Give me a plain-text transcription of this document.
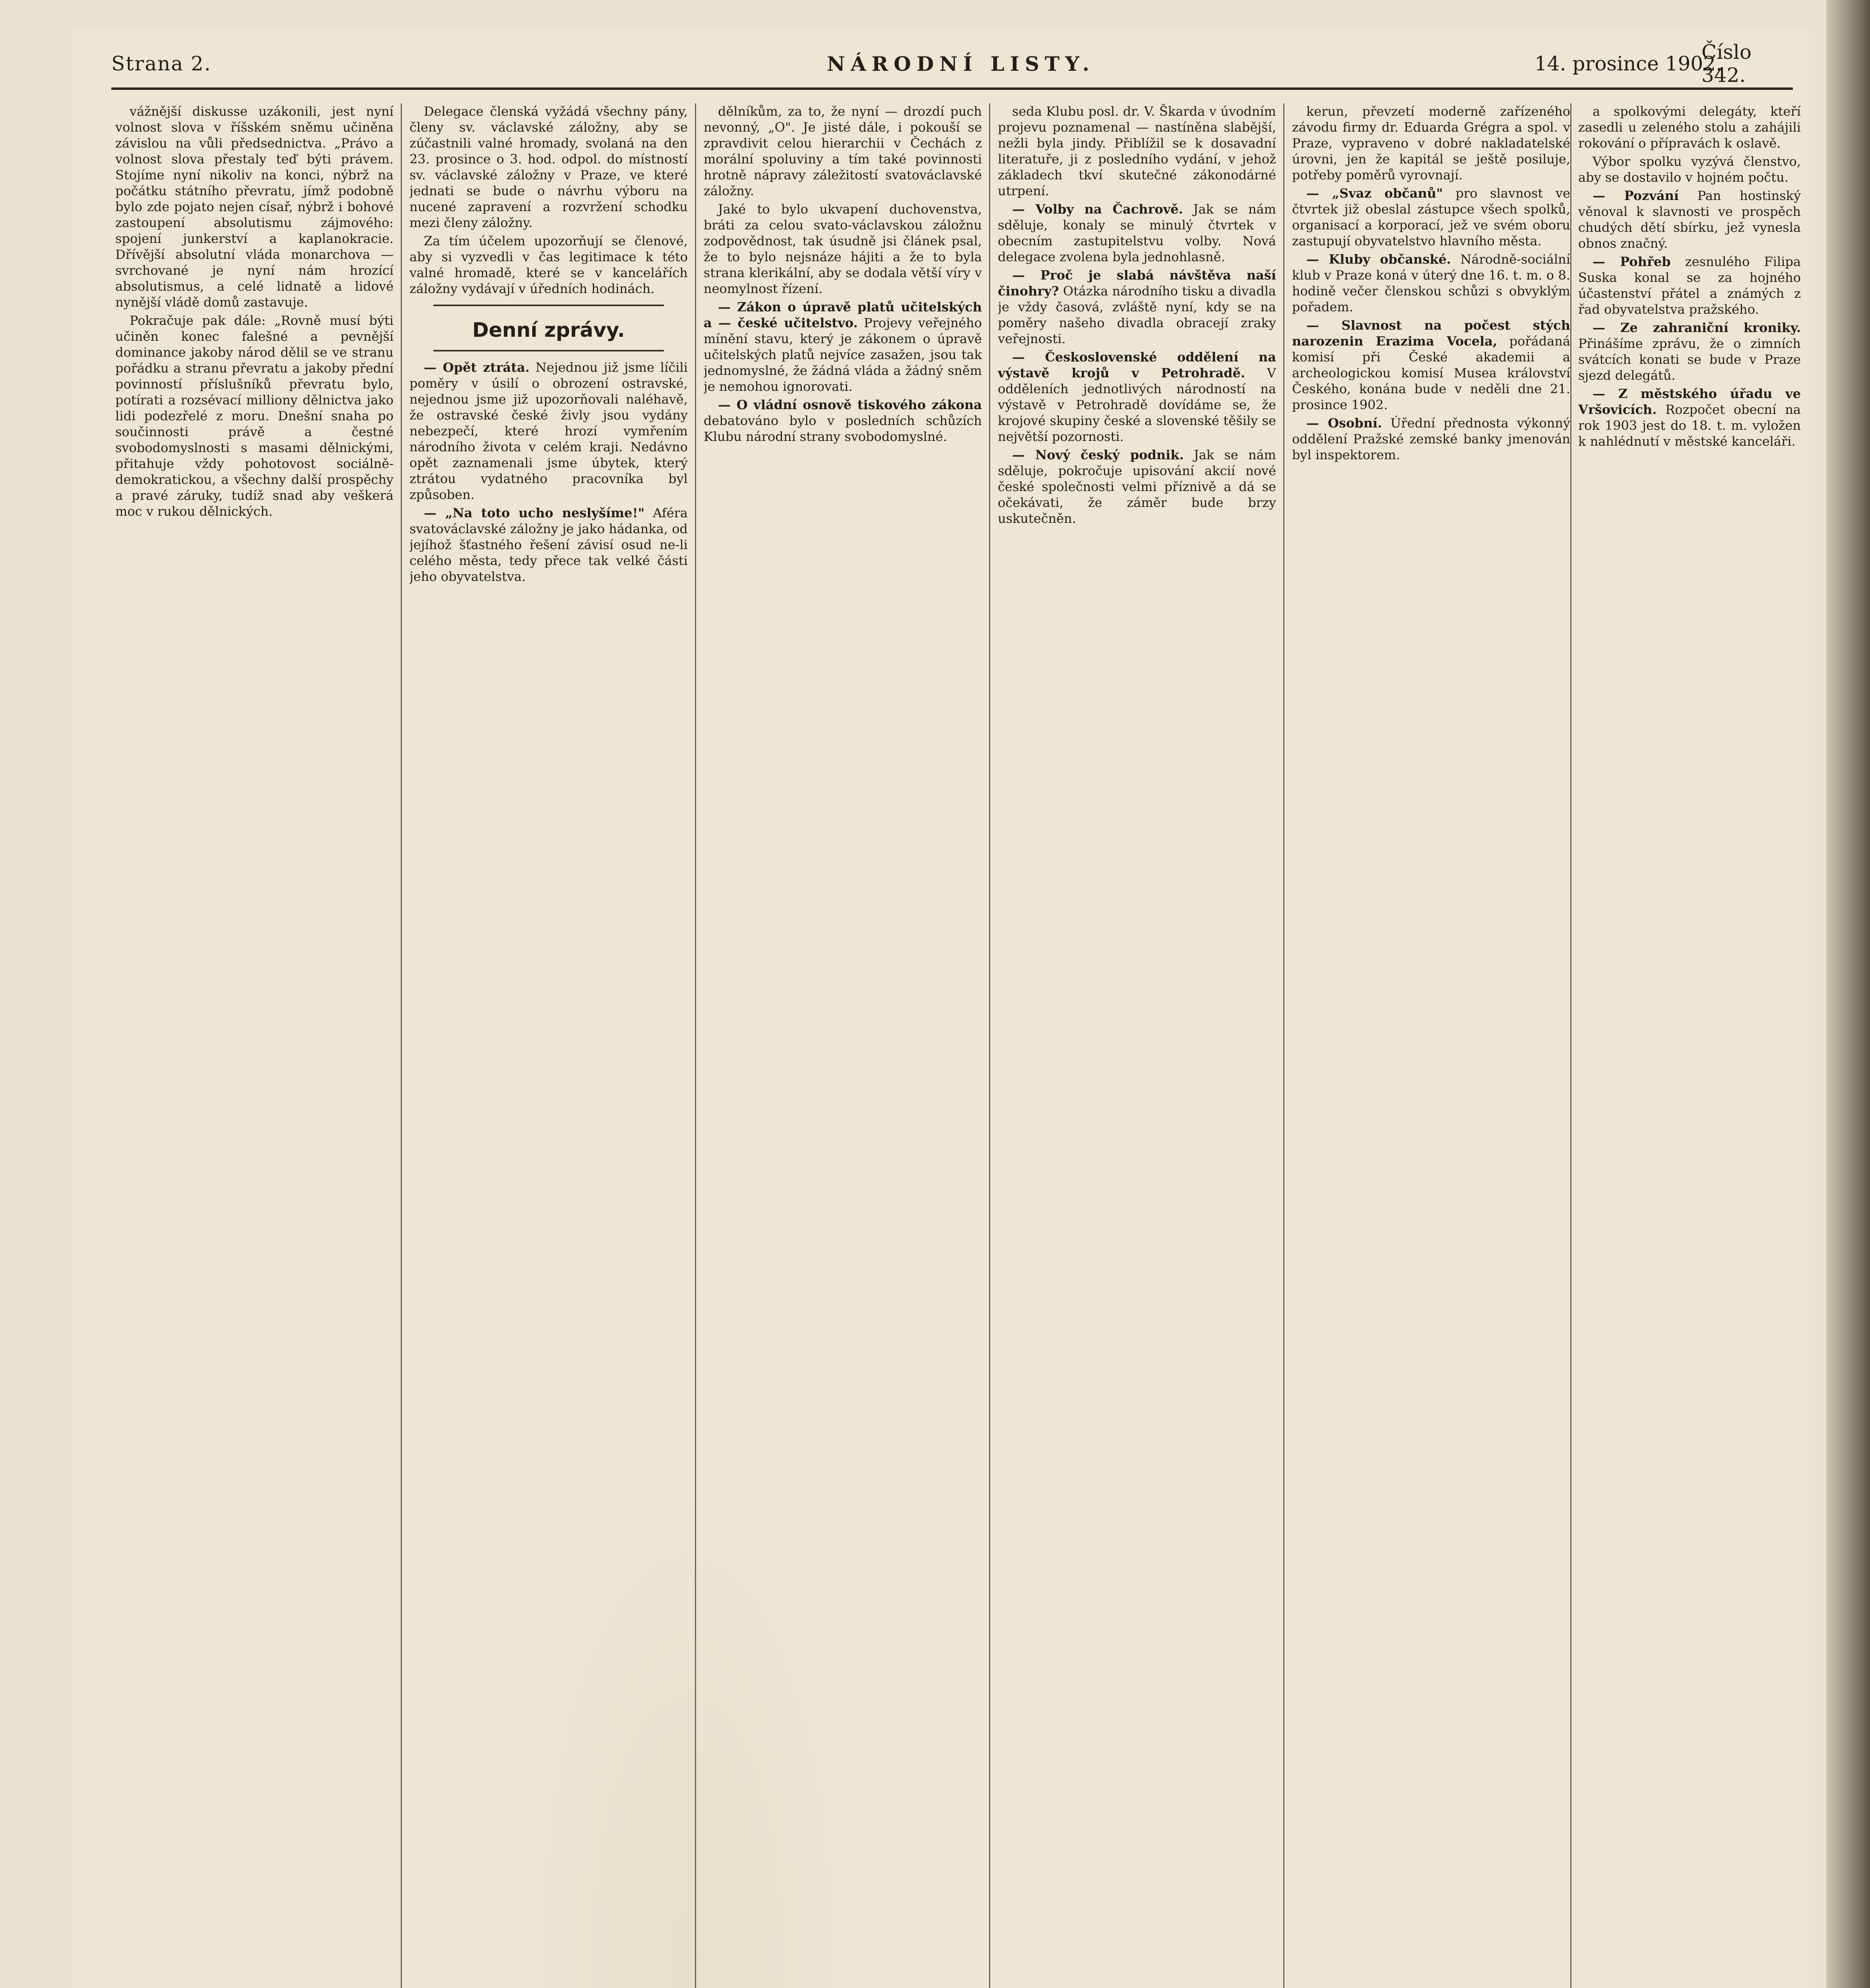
Strana 2.	NÁRODNÍ LISTY.	14. prosince 1902.
Číslo 342.

vážnější diskusse uzákonili, jest nyní volnost slova v říšském sněmu učiněna závislou na vůli předsednictva. „Právo a volnost slova přestaly teď býti právem. Stojíme nyní nikoliv na konci, nýbrž na počátku státního převratu, jímž podobně bylo zde pojato nejen císař, nýbrž i bohové zastoupení absolutismu zájmového: spojení junkerství a kaplanokracie. Dřívější absolutní vláda monarchova — svrchované je nyní nám hrozící absolutismus, a celé lidnatě a lidové nynější vládě domů zastavuje.

Pokračuje pak dále: „Rovně musí býti učiněn konec falešné a pevnější dominance jakoby národ dělil se ve stranu pořádku a stranu převratu a jakoby přední povinností příslušníků převratu bylo, potírati a rozsévací milliony dělnictva jako lidi podezřelé z moru. Dnešní snaha po součinnosti právě a čestné svobodomyslnosti s masami dělnickými, přitahuje vždy pohotovost sociálně-demokratickou, a všechny další prospěchy a pravé záruky, tudíž snad aby veškerá moc v rukou dělnických.

Delegace členská vyžádá všechny pány, členy sv. václavské záložny, aby se zúčastnili valné hromady, svolaná na den 23. prosince o 3. hod. odpol. do místností sv. václavské záložny v Praze, ve které jednati se bude o návrhu výboru na nucené zapravení a rozvržení schodku mezi členy záložny.

Za tím účelem upozorňují se členové, aby si vyzvedli v čas legitimace k této valné hromadě, které se v kancelářích záložny vydávají v úředních hodinách.

Denní zprávy.

— Opět ztráta. Nejednou již jsme líčili poměry v úsilí o obrození ostravské, nejednou jsme již upozorňovali naléhavě, že ostravské české živly jsou vydány nebezpečí, které hrozí vymřením národního života v celém kraji. Nedávno opět zaznamenali jsme úbytek, který ztrátou vydatného pracovníka byl způsoben.

— „Na toto ucho neslyšíme!" Aféra svatováclavské záložny je jako hádanka, od jejíhož šťastného řešení závisí osud ne-li celého města, tedy přece tak velké části jeho obyvatelstva.

dělníkům, za to, že nyní — drozdí puch nevonný, „O". Je jisté dále, i pokouší se zpravdivit celou hierarchii v Čechách z morální spoluviny a tím také povinnosti hrotně nápravy záležitostí svatováclavské záložny.

Jaké to bylo ukvapení duchovenstva, bráti za celou svato-václavskou záložnu zodpovědnost, tak úsudně jsi článek psal, že to bylo nejsnáze hájiti a že to byla strana klerikální, aby se dodala větší víry v neomylnost řízení.

— Zákon o úpravě platů učitelských a — české učitelstvo. Projevy veřejného mínění stavu, který je zákonem o úpravě učitelských platů nejvíce zasažen, jsou tak jednomyslné, že žádná vláda a žádný sněm je nemohou ignorovati.

— O vládní osnově tiskového zákona debatováno bylo v posledních schůzích Klubu národní strany svobodomyslné.

seda Klubu posl. dr. V. Škarda v úvodním projevu poznamenal — nastíněna slabější, nežli byla jindy. Přiblížil se k dosavadní literatuře, ji z posledního vydání, v jehož základech tkví skutečné zákonodárné utrpení.

— Volby na Čachrově. Jak se nám sděluje, konaly se minulý čtvrtek v obecním zastupitelstvu volby. Nová delegace zvolena byla jednohlasně.

— Proč je slabá návštěva naší činohry? Otázka národního tisku a divadla je vždy časová, zvláště nyní, kdy se na poměry našeho divadla obracejí zraky veřejnosti.

— Československé oddělení na výstavě krojů v Petrohradě. V odděleních jednotlivých národností na výstavě v Petrohradě dovídáme se, že krojové skupiny české a slovenské těšily se největší pozornosti.

— Nový český podnik. Jak se nám sděluje, pokročuje upisování akcií nové české společnosti velmi příznivě a dá se očekávati, že záměr bude brzy uskutečněn.

kerun, převzetí moderně zařízeného závodu firmy dr. Eduarda Grégra a spol. v Praze, vypraveno v dobré nakladatelské úrovni, jen že kapitál se ještě posiluje, potřeby poměrů vyrovnají.

— „Svaz občanů" pro slavnost ve čtvrtek již obeslal zástupce všech spolků, organisací a korporací, jež ve svém oboru zastupují obyvatelstvo hlavního města.

— Kluby občanské. Národně-sociální klub v Praze koná v úterý dne 16. t. m. o 8. hodině večer členskou schůzi s obvyklým pořadem.

— Slavnost na počest stých narozenin Erazima Vocela, pořádaná komisí při České akademii a archeologickou komisí Musea království Českého, konána bude v neděli dne 21. prosince 1902.

— Osobní. Úřední přednosta výkonný oddělení Pražské zemské banky jmenován byl inspektorem.

a spolkovými delegáty, kteří zasedli u zeleného stolu a zahájili rokování o přípravách k oslavě.

Výbor spolku vyzývá členstvo, aby se dostavilo v hojném počtu.

— Pozvání Pan hostinský věnoval k slavnosti ve prospěch chudých dětí sbírku, jež vynesla obnos značný.

— Pohřeb zesnulého Filipa Suska konal se za hojného účastenství přátel a známých z řad obyvatelstva pražského.

— Ze zahraniční kroniky. Přinášíme zprávu, že o zimních svátcích konati se bude v Praze sjezd delegátů.

— Z městského úřadu ve Vršovicích. Rozpočet obecní na rok 1903 jest do 18. t. m. vyložen k nahlédnutí v městské kanceláři.
